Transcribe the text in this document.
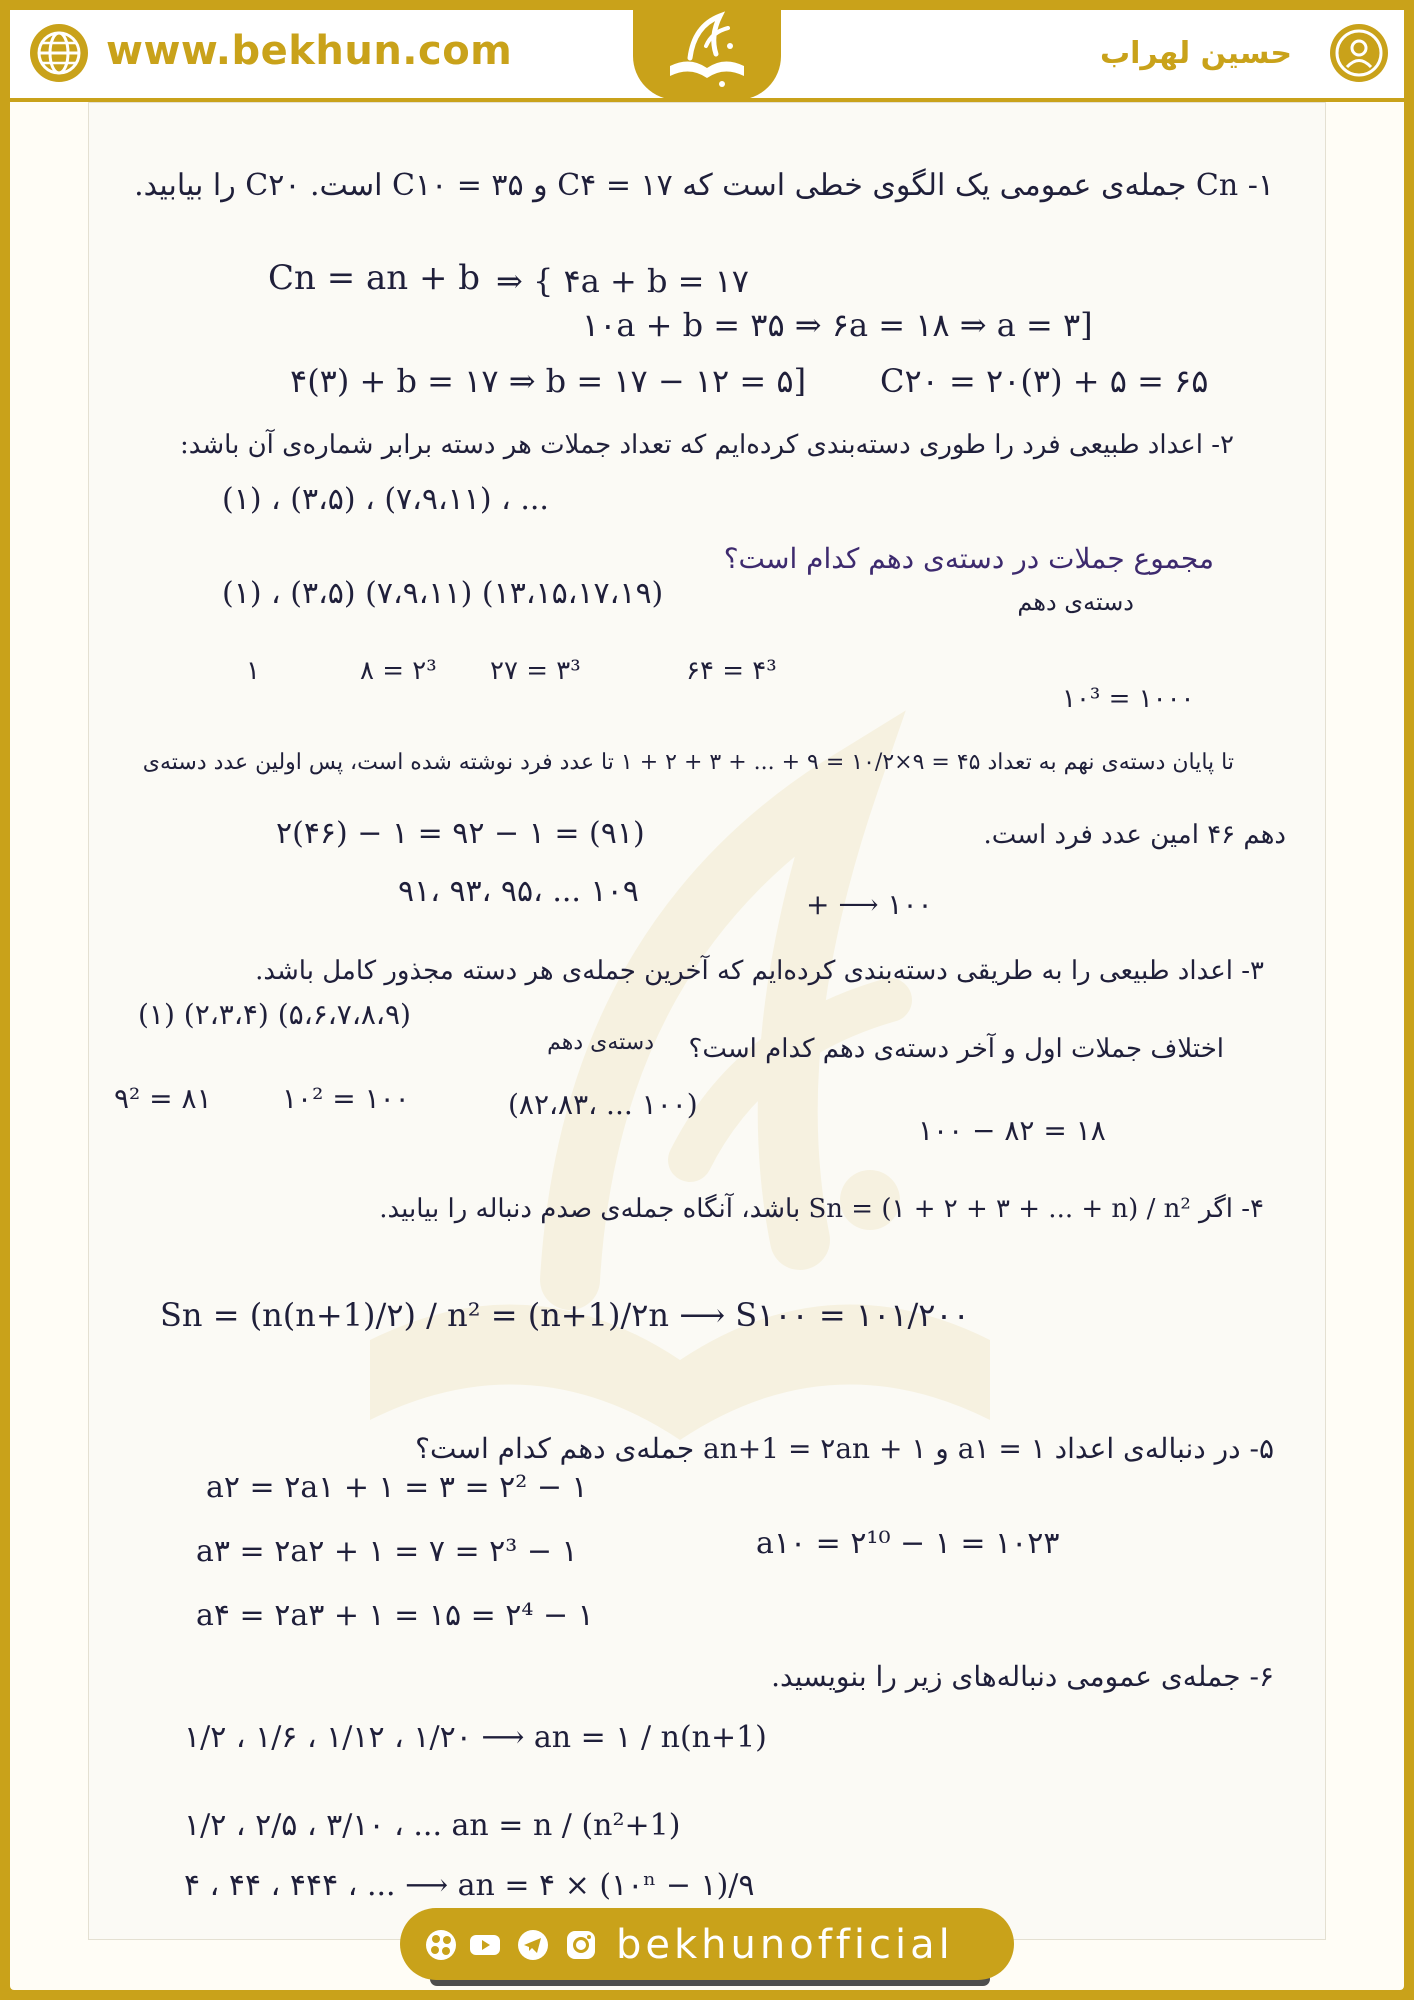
www.bekhun.com	حسین لهراب
۱- Cn جمله‌ی عمومی یک الگوی خطی است که ۱۷ = C۴ و ۳۵ = C۱۰ است. C۲۰ را بیابید.
Cn = an + b ⇒ { ۴a + b = ۱۷
۱۰a + b = ۳۵ ⇒ ۶a = ۱۸ ⇒ a = ۳]
۴(۳) + b = ۱۷ ⇒ b = ۱۷ − ۱۲ = ۵] C۲۰ = ۲۰(۳) + ۵ = ۶۵
۲- اعداد طبیعی فرد را طوری دسته‌بندی کرده‌ایم که تعداد جملات هر دسته برابر شماره‌ی آن باشد:
(۱) ، (۳،۵) ، (۷،۹،۱۱) ، ...
مجموع جملات در دسته‌ی دهم کدام است؟
(۱) ، (۳،۵) (۷،۹،۱۱) (۱۳،۱۵،۱۷،۱۹)	دسته‌ی دهم
۱	۸ = ۲³ ۲۷ = ۳³	۶۴ = ۴³
۱۰³ = ۱۰۰۰
تا پایان دسته‌ی نهم به تعداد ۴۵ = ۹×۱۰/۲ = ۹ + ... + ۳ + ۲ + ۱ تا عدد فرد نوشته شده است، پس اولین عدد دسته‌ی
دهم ۴۶ امین عدد فرد است.
۲(۴۶) − ۱ = ۹۲ − ۱ = (۹۱)
۹۱، ۹۳، ۹۵، ... ۱۰۹	+ ⟶ ۱۰۰
۳- اعداد طبیعی را به طریقی دسته‌بندی کرده‌ایم که آخرین جمله‌ی هر دسته مجذور کامل باشد.
(۱) (۲،۳،۴) (۵،۶،۷،۸،۹)
اختلاف جملات اول و آخر دسته‌ی دهم کدام است؟
دسته‌ی دهم
۹² = ۸۱	۱۰² = ۱۰۰	(۸۲،۸۳، ... ۱۰۰)
۱۰۰ − ۸۲ = ۱۸
۴- اگر Sn = (۱ + ۲ + ۳ + ... + n) / n² باشد، آنگاه جمله‌ی صدم دنباله را بیابید.
Sn = (n(n+1)/۲) / n² = (n+1)/۲n ⟶ S۱۰۰ = ۱۰۱/۲۰۰
۵- در دنباله‌ی اعداد ۱ = a۱ و an+1 = ۲an + ۱ جمله‌ی دهم کدام است؟
a۲ = ۲a۱ + ۱ = ۳ = ۲² − ۱
a۳ = ۲a۲ + ۱ = ۷ = ۲³ − ۱
a۴ = ۲a۳ + ۱ = ۱۵ = ۲⁴ − ۱
a۱۰ = ۲¹⁰ − ۱ = ۱۰۲۳
۶- جمله‌ی عمومی دنباله‌های زیر را بنویسید.
۱/۲ ، ۱/۶ ، ۱/۱۲ ، ۱/۲۰ ⟶ an = ۱ / n(n+1)
۱/۲ ، ۲/۵ ، ۳/۱۰ ، ... an = n / (n²+1)
۴ ، ۴۴ ، ۴۴۴ ، ... ⟶ an = ۴ × (۱۰ⁿ − ۱)/۹
bekhunofficial
